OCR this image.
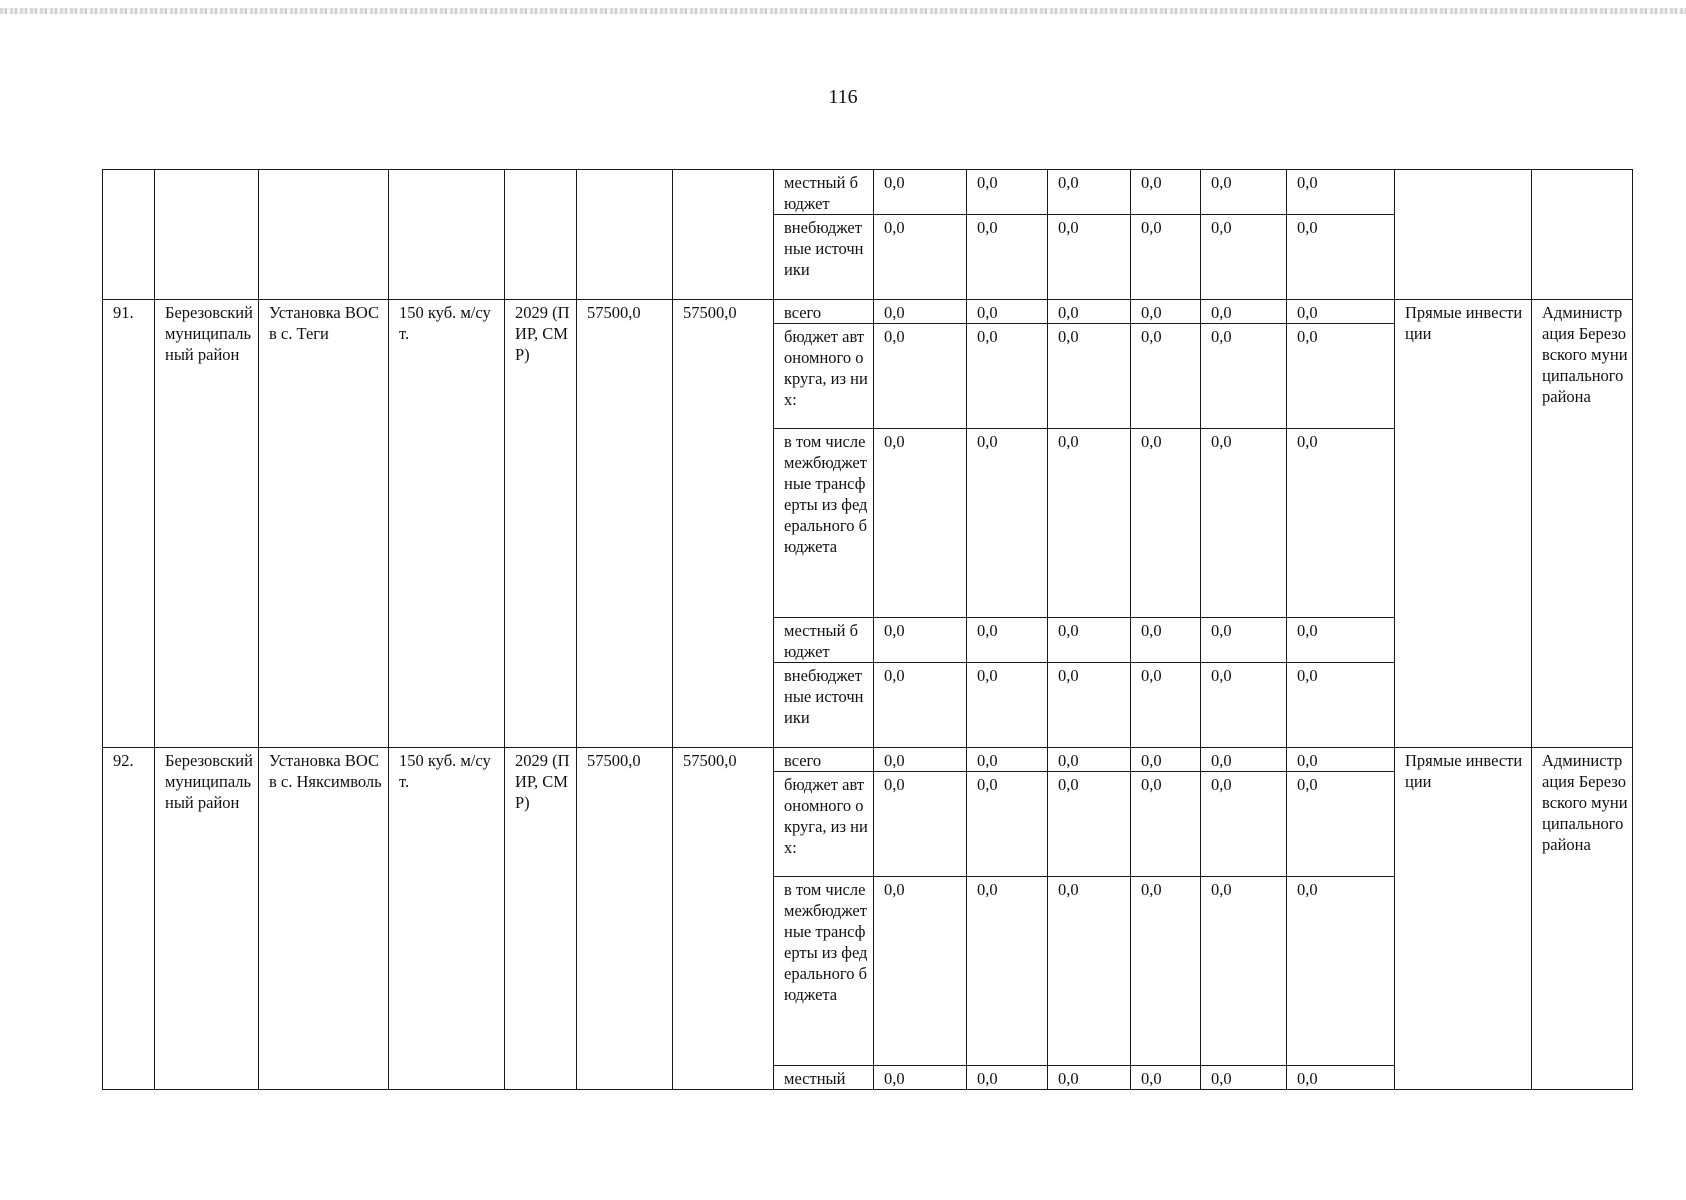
116
							местный бюджет	0,0	0,0	0,0	0,0	0,0	0,0		
							внебюджетные источники	0,0	0,0	0,0	0,0	0,0	0,0		
91.	Березовский муниципальный район	Установка ВОС в с. Теги	150 куб. м/сут.	2029 (ПИР, СМР)	57500,0	57500,0	всего	0,0	0,0	0,0	0,0	0,0	0,0	Прямые инвестиции	Администрация Березовского муниципального района
							бюджет автономного округа, из них:	0,0	0,0	0,0	0,0	0,0	0,0		
							в том числе межбюджетные трансферты из федерального бюджета	0,0	0,0	0,0	0,0	0,0	0,0		
							местный бюджет	0,0	0,0	0,0	0,0	0,0	0,0		
							внебюджетные источники	0,0	0,0	0,0	0,0	0,0	0,0		
92.	Березовский муниципальный район	Установка ВОС в с. Няксимволь	150 куб. м/сут.	2029 (ПИР, СМР)	57500,0	57500,0	всего	0,0	0,0	0,0	0,0	0,0	0,0	Прямые инвестиции	Администрация Березовского муниципального района
							бюджет автономного округа, из них:	0,0	0,0	0,0	0,0	0,0	0,0		
							в том числе межбюджетные трансферты из федерального бюджета	0,0	0,0	0,0	0,0	0,0	0,0		
							местный	0,0	0,0	0,0	0,0	0,0	0,0		
